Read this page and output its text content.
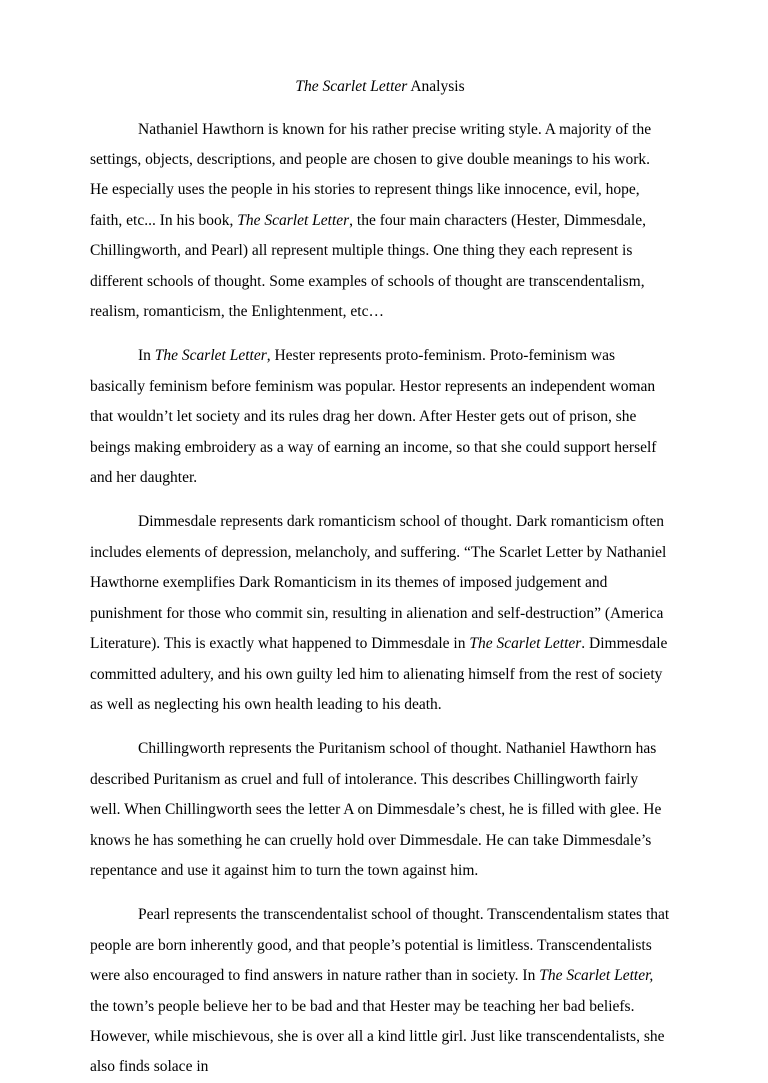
The Scarlet Letter Analysis

Nathaniel Hawthorn is known for his rather precise writing style. A majority of the settings, objects, descriptions, and people are chosen to give double meanings to his work. He especially uses the people in his stories to represent things like innocence, evil, hope, faith, etc... In his book, The Scarlet Letter, the four main characters (Hester, Dimmesdale, Chillingworth, and Pearl) all represent multiple things. One thing they each represent is different schools of thought. Some examples of schools of thought are transcendentalism, realism, romanticism, the Enlightenment, etc…

In The Scarlet Letter, Hester represents proto-feminism. Proto-feminism was basically feminism before feminism was popular. Hestor represents an independent woman that wouldn’t let society and its rules drag her down. After Hester gets out of prison, she beings making embroidery as a way of earning an income, so that she could support herself and her daughter.

Dimmesdale represents dark romanticism school of thought. Dark romanticism often includes elements of depression, melancholy, and suffering. “The Scarlet Letter by Nathaniel Hawthorne exemplifies Dark Romanticism in its themes of imposed judgement and punishment for those who commit sin, resulting in alienation and self-destruction” (America Literature). This is exactly what happened to Dimmesdale in The Scarlet Letter. Dimmesdale committed adultery, and his own guilty led him to alienating himself from the rest of society as well as neglecting his own health leading to his death.

Chillingworth represents the Puritanism school of thought. Nathaniel Hawthorn has described Puritanism as cruel and full of intolerance. This describes Chillingworth fairly well. When Chillingworth sees the letter A on Dimmesdale’s chest, he is filled with glee. He knows he has something he can cruelly hold over Dimmesdale. He can take Dimmesdale’s repentance and use it against him to turn the town against him.

Pearl represents the transcendentalist school of thought. Transcendentalism states that people are born inherently good, and that people’s potential is limitless. Transcendentalists were also encouraged to find answers in nature rather than in society. In The Scarlet Letter, the town’s people believe her to be bad and that Hester may be teaching her bad beliefs. However, while mischievous, she is over all a kind little girl. Just like transcendentalists, she also finds solace in
